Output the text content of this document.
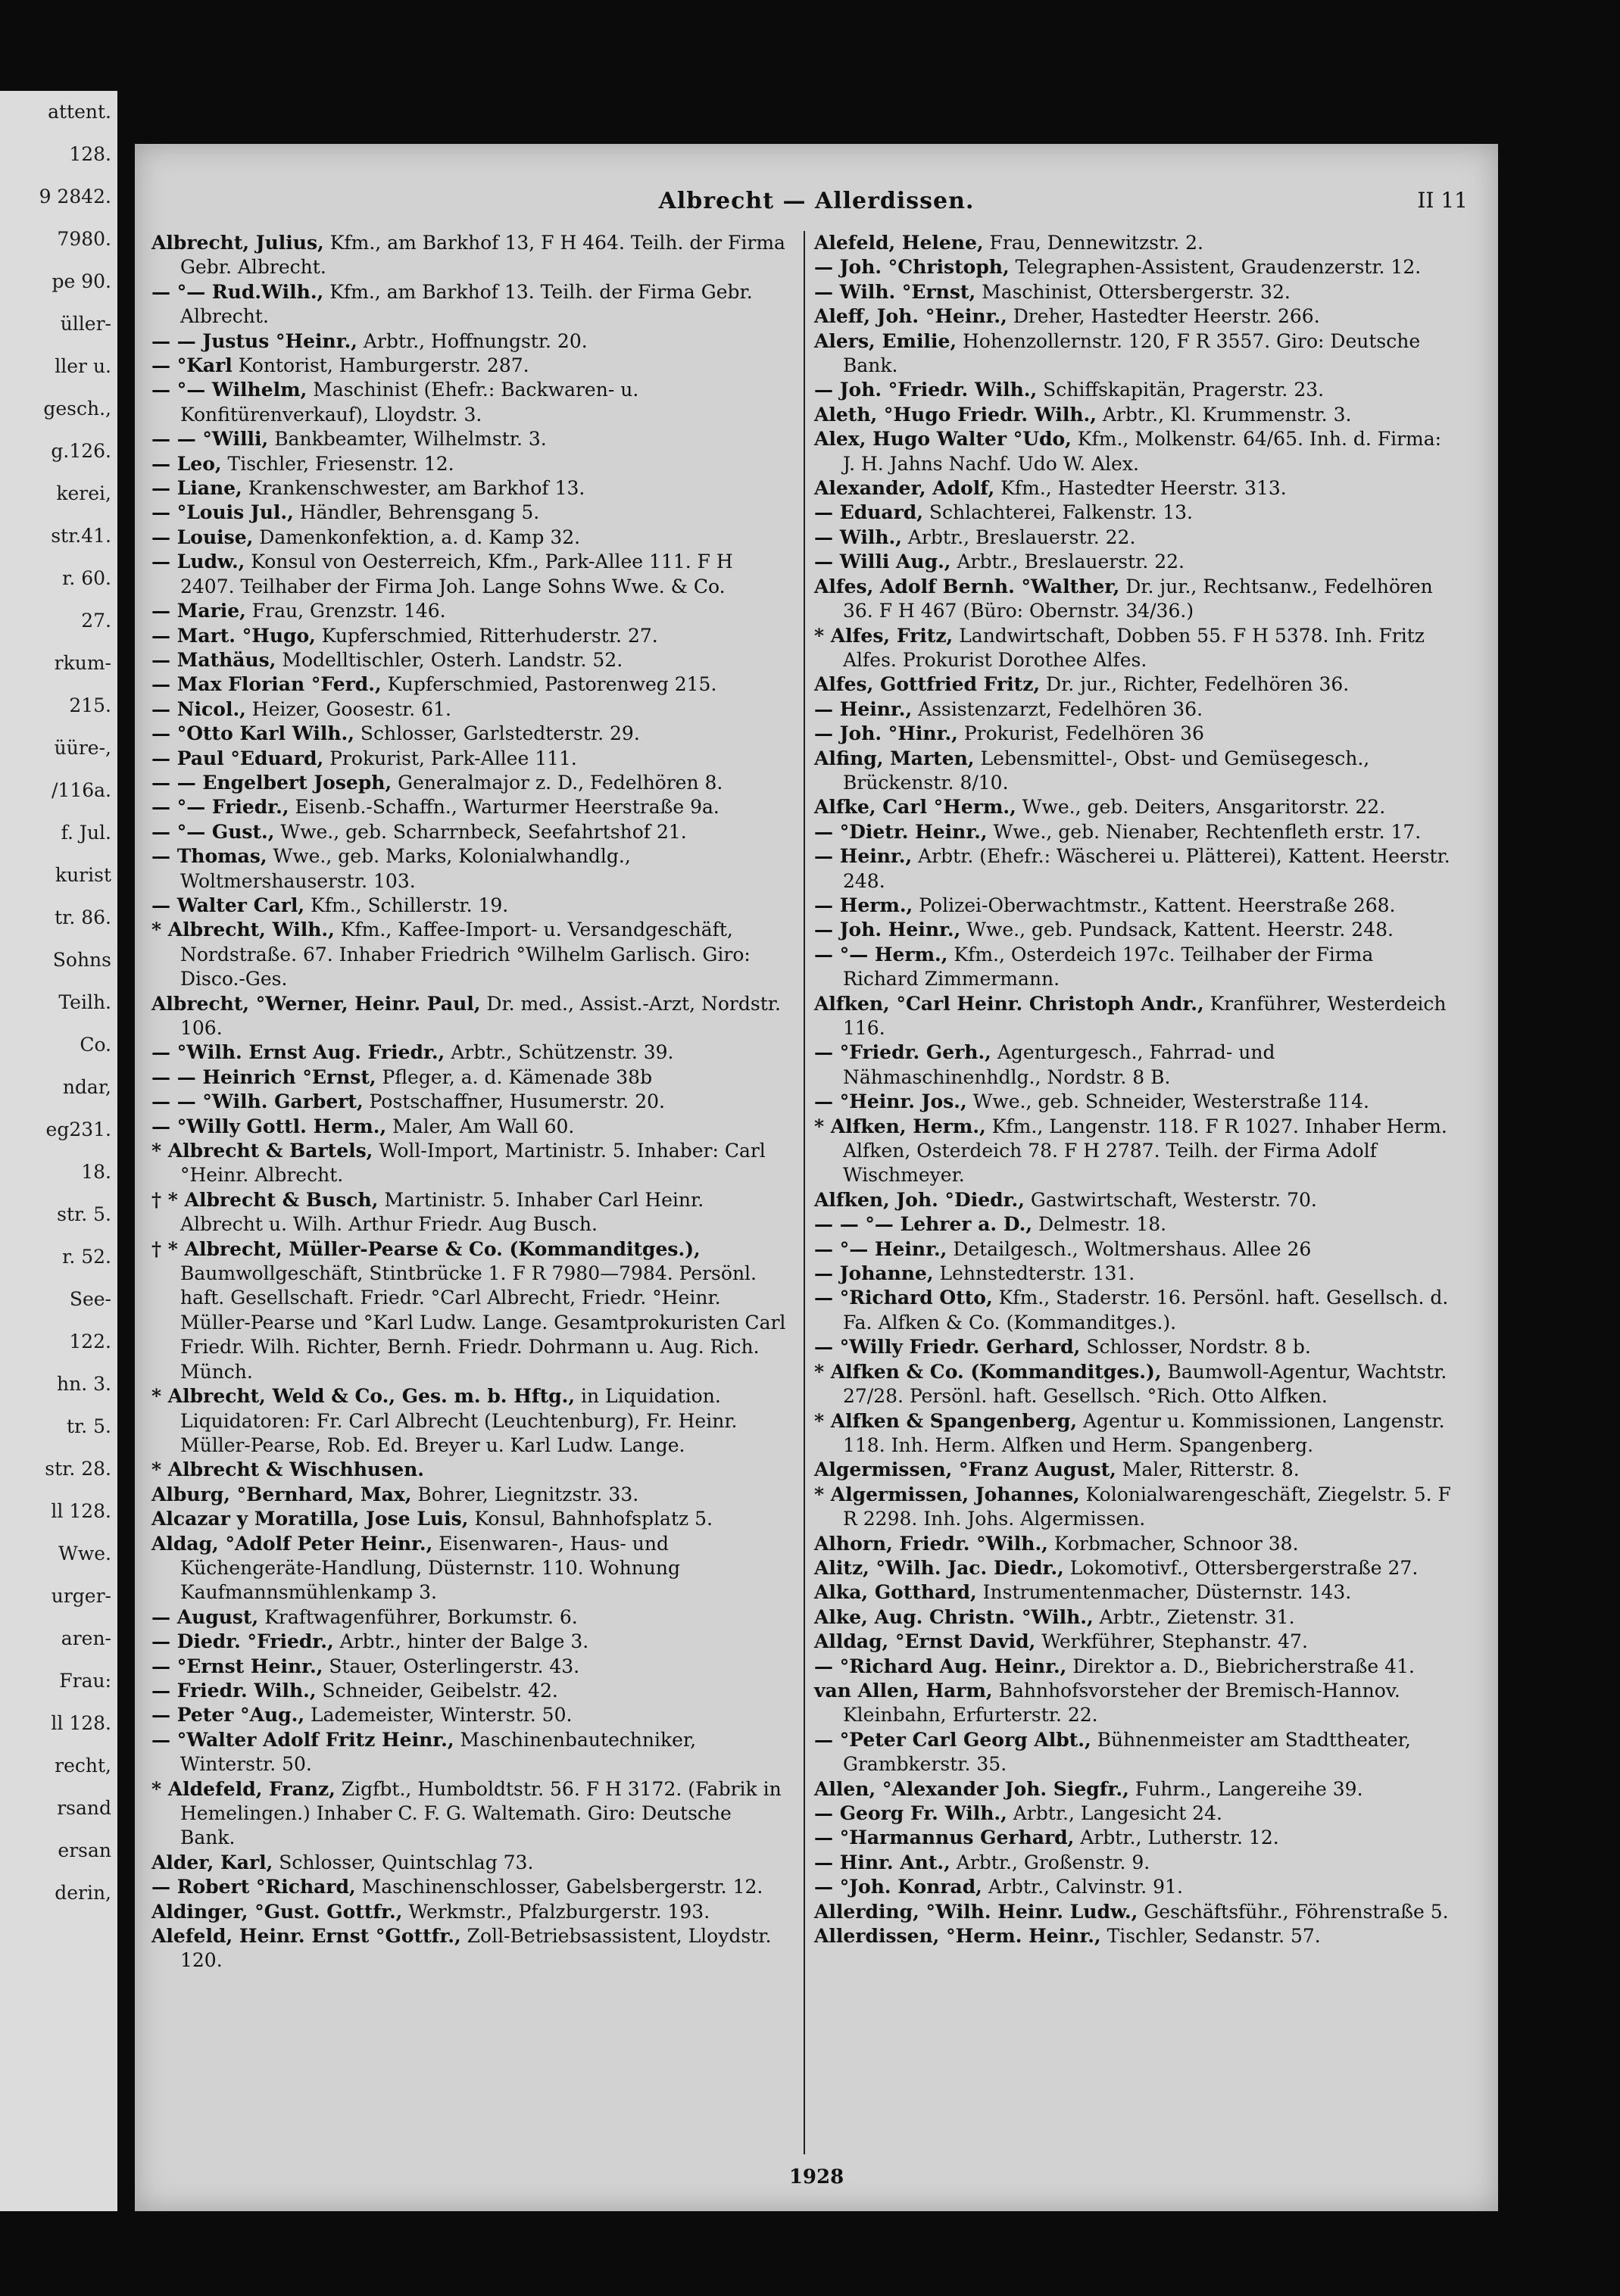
attent.
128.
9 2842.
7980.
pe 90.
üller-
ller u.
gesch.,
g.126.
kerei,
str.41.
r. 60.
27.
rkum-
215.
üüre-,
/116a.
f. Jul.
kurist
tr. 86.
Sohns
Teilh.
Co.
ndar,
eg231.
18.
str. 5.
r. 52.
See-
122.
hn. 3.
tr. 5.
str. 28.
ll 128.
Wwe.
urger-
aren-
Frau:
ll 128.
recht,
rsand
ersan
derin,
Albrecht — Allerdissen.	II 11

Albrecht, Julius, Kfm., am Barkhof 13, F H 464. Teilh. der Firma Gebr. Albrecht.

— °— Rud.Wilh., Kfm., am Barkhof 13. Teilh. der Firma Gebr. Albrecht.

— — Justus °Heinr., Arbtr., Hoffnungstr. 20.

— °Karl Kontorist, Hamburgerstr. 287.

— °— Wilhelm, Maschinist (Ehefr.: Backwaren- u. Konfitürenverkauf), Lloydstr. 3.

— — °Willi, Bankbeamter, Wilhelmstr. 3.

— Leo, Tischler, Friesenstr. 12.

— Liane, Krankenschwester, am Barkhof 13.

— °Louis Jul., Händler, Behrensgang 5.

— Louise, Damenkonfektion, a. d. Kamp 32.

— Ludw., Konsul von Oesterreich, Kfm., Park-Allee 111. F H 2407. Teilhaber der Firma Joh. Lange Sohns Wwe. & Co.

— Marie, Frau, Grenzstr. 146.

— Mart. °Hugo, Kupferschmied, Ritterhuderstr. 27.

— Mathäus, Modelltischler, Osterh. Landstr. 52.

— Max Florian °Ferd., Kupferschmied, Pastorenweg 215.

— Nicol., Heizer, Goosestr. 61.

— °Otto Karl Wilh., Schlosser, Garlstedterstr. 29.

— Paul °Eduard, Prokurist, Park-Allee 111.

— — Engelbert Joseph, Generalmajor z. D., Fedelhören 8.

— °— Friedr., Eisenb.-Schaffn., Warturmer Heerstraße 9a.

— °— Gust., Wwe., geb. Scharrnbeck, Seefahrtshof 21.

— Thomas, Wwe., geb. Marks, Kolonialwhandlg., Woltmershauserstr. 103.

— Walter Carl, Kfm., Schillerstr. 19.

* Albrecht, Wilh., Kfm., Kaffee-Import- u. Versandgeschäft, Nordstraße. 67. Inhaber Friedrich °Wilhelm Garlisch. Giro: Disco.-Ges.

Albrecht, °Werner, Heinr. Paul, Dr. med., Assist.-Arzt, Nordstr. 106.

— °Wilh. Ernst Aug. Friedr., Arbtr., Schützenstr. 39.

— — Heinrich °Ernst, Pfleger, a. d. Kämenade 38b

— — °Wilh. Garbert, Postschaffner, Husumerstr. 20.

— °Willy Gottl. Herm., Maler, Am Wall 60.

* Albrecht & Bartels, Woll-Import, Martinistr. 5. Inhaber: Carl °Heinr. Albrecht.

† * Albrecht & Busch, Martinistr. 5. Inhaber Carl Heinr. Albrecht u. Wilh. Arthur Friedr. Aug Busch.

† * Albrecht, Müller-Pearse & Co. (Kommanditges.), Baumwollgeschäft, Stintbrücke 1. F R 7980—7984. Persönl. haft. Gesellschaft. Friedr. °Carl Albrecht, Friedr. °Heinr. Müller-Pearse und °Karl Ludw. Lange. Gesamtprokuristen Carl Friedr. Wilh. Richter, Bernh. Friedr. Dohrmann u. Aug. Rich. Münch.

* Albrecht, Weld & Co., Ges. m. b. Hftg., in Liquidation. Liquidatoren: Fr. Carl Albrecht (Leuchtenburg), Fr. Heinr. Müller-Pearse, Rob. Ed. Breyer u. Karl Ludw. Lange.

* Albrecht & Wischhusen.

Alburg, °Bernhard, Max, Bohrer, Liegnitzstr. 33.

Alcazar y Moratilla, Jose Luis, Konsul, Bahnhofsplatz 5.

Aldag, °Adolf Peter Heinr., Eisenwaren-, Haus- und Küchengeräte-Handlung, Düsternstr. 110. Wohnung Kaufmannsmühlenkamp 3.

— August, Kraftwagenführer, Borkumstr. 6.

— Diedr. °Friedr., Arbtr., hinter der Balge 3.

— °Ernst Heinr., Stauer, Osterlingerstr. 43.

— Friedr. Wilh., Schneider, Geibelstr. 42.

— Peter °Aug., Lademeister, Winterstr. 50.

— °Walter Adolf Fritz Heinr., Maschinenbautechniker, Winterstr. 50.

* Aldefeld, Franz, Zigfbt., Humboldtstr. 56. F H 3172. (Fabrik in Hemelingen.) Inhaber C. F. G. Waltemath. Giro: Deutsche Bank.

Alder, Karl, Schlosser, Quintschlag 73.

— Robert °Richard, Maschinenschlosser, Gabelsbergerstr. 12.

Aldinger, °Gust. Gottfr., Werkmstr., Pfalzburgerstr. 193.

Alefeld, Heinr. Ernst °Gottfr., Zoll-Betriebsassistent, Lloydstr. 120.

Alefeld, Helene, Frau, Dennewitzstr. 2.

— Joh. °Christoph, Telegraphen-Assistent, Graudenzerstr. 12.

— Wilh. °Ernst, Maschinist, Ottersbergerstr. 32.

Aleff, Joh. °Heinr., Dreher, Hastedter Heerstr. 266.

Alers, Emilie, Hohenzollernstr. 120, F R 3557. Giro: Deutsche Bank.

— Joh. °Friedr. Wilh., Schiffskapitän, Pragerstr. 23.

Aleth, °Hugo Friedr. Wilh., Arbtr., Kl. Krummenstr. 3.

Alex, Hugo Walter °Udo, Kfm., Molkenstr. 64/65. Inh. d. Firma: J. H. Jahns Nachf. Udo W. Alex.

Alexander, Adolf, Kfm., Hastedter Heerstr. 313.

— Eduard, Schlachterei, Falkenstr. 13.

— Wilh., Arbtr., Breslauerstr. 22.

— Willi Aug., Arbtr., Breslauerstr. 22.

Alfes, Adolf Bernh. °Walther, Dr. jur., Rechtsanw., Fedelhören 36. F H 467 (Büro: Obernstr. 34/36.)

* Alfes, Fritz, Landwirtschaft, Dobben 55. F H 5378. Inh. Fritz Alfes. Prokurist Dorothee Alfes.

Alfes, Gottfried Fritz, Dr. jur., Richter, Fedelhören 36.

— Heinr., Assistenzarzt, Fedelhören 36.

— Joh. °Hinr., Prokurist, Fedelhören 36

Alfing, Marten, Lebensmittel-, Obst- und Gemüsegesch., Brückenstr. 8/10.

Alfke, Carl °Herm., Wwe., geb. Deiters, Ansgaritorstr. 22.

— °Dietr. Heinr., Wwe., geb. Nienaber, Rechtenfleth erstr. 17.

— Heinr., Arbtr. (Ehefr.: Wäscherei u. Plätterei), Kattent. Heerstr. 248.

— Herm., Polizei-Oberwachtmstr., Kattent. Heerstraße 268.

— Joh. Heinr., Wwe., geb. Pundsack, Kattent. Heerstr. 248.

— °— Herm., Kfm., Osterdeich 197c. Teilhaber der Firma Richard Zimmermann.

Alfken, °Carl Heinr. Christoph Andr., Kranführer, Westerdeich 116.

— °Friedr. Gerh., Agenturgesch., Fahrrad- und Nähmaschinenhdlg., Nordstr. 8 B.

— °Heinr. Jos., Wwe., geb. Schneider, Westerstraße 114.

* Alfken, Herm., Kfm., Langenstr. 118. F R 1027. Inhaber Herm. Alfken, Osterdeich 78. F H 2787. Teilh. der Firma Adolf Wischmeyer.

Alfken, Joh. °Diedr., Gastwirtschaft, Westerstr. 70.

— — °— Lehrer a. D., Delmestr. 18.

— °— Heinr., Detailgesch., Woltmershaus. Allee 26

— Johanne, Lehnstedterstr. 131.

— °Richard Otto, Kfm., Staderstr. 16. Persönl. haft. Gesellsch. d. Fa. Alfken & Co. (Kommanditges.).

— °Willy Friedr. Gerhard, Schlosser, Nordstr. 8 b.

* Alfken & Co. (Kommanditges.), Baumwoll-Agentur, Wachtstr. 27/28. Persönl. haft. Gesellsch. °Rich. Otto Alfken.

* Alfken & Spangenberg, Agentur u. Kommissionen, Langenstr. 118. Inh. Herm. Alfken und Herm. Spangenberg.

Algermissen, °Franz August, Maler, Ritterstr. 8.

* Algermissen, Johannes, Kolonialwarengeschäft, Ziegelstr. 5. F R 2298. Inh. Johs. Algermissen.

Alhorn, Friedr. °Wilh., Korbmacher, Schnoor 38.

Alitz, °Wilh. Jac. Diedr., Lokomotivf., Ottersbergerstraße 27.

Alka, Gotthard, Instrumentenmacher, Düsternstr. 143.

Alke, Aug. Christn. °Wilh., Arbtr., Zietenstr. 31.

Alldag, °Ernst David, Werkführer, Stephanstr. 47.

— °Richard Aug. Heinr., Direktor a. D., Biebricherstraße 41.

van Allen, Harm, Bahnhofsvorsteher der Bremisch-Hannov. Kleinbahn, Erfurterstr. 22.

— °Peter Carl Georg Albt., Bühnenmeister am Stadttheater, Grambkerstr. 35.

Allen, °Alexander Joh. Siegfr., Fuhrm., Langereihe 39.

— Georg Fr. Wilh., Arbtr., Langesicht 24.

— °Harmannus Gerhard, Arbtr., Lutherstr. 12.

— Hinr. Ant., Arbtr., Großenstr. 9.

— °Joh. Konrad, Arbtr., Calvinstr. 91.

Allerding, °Wilh. Heinr. Ludw., Geschäftsführ., Föhrenstraße 5.

Allerdissen, °Herm. Heinr., Tischler, Sedanstr. 57.

1928
